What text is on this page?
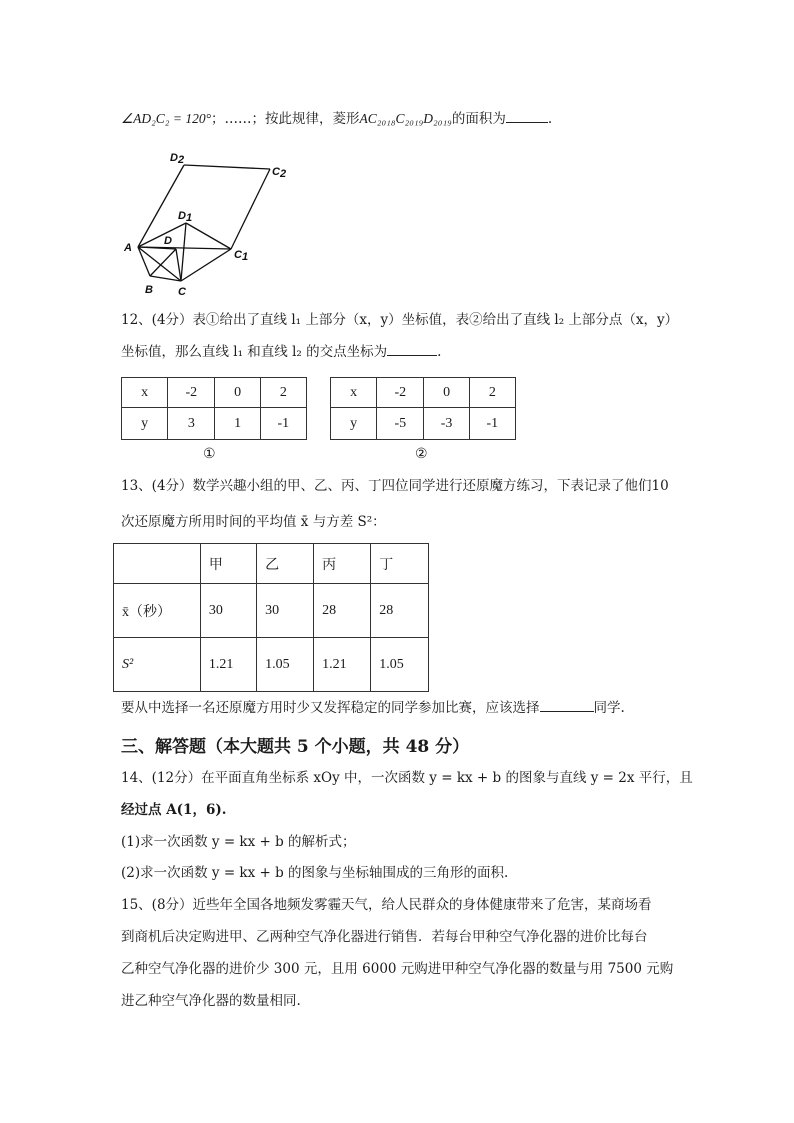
∠AD₂C₂ = 120°；……；按此规律，菱形AC₂₀₁₈C₂₀₁₉D₂₀₁₉的面积为	.
D2
C2
D1
D
A
C1
B C
12、(4分）表①给出了直线 l₁ 上部分（x，y）坐标值，表②给出了直线 l₂ 上部分点（x，y）
坐标值，那么直线 l₁ 和直线 l₂ 的交点坐标为	.
x	-2	0	2
y	3	1	-1
①
x	-2	0	2
y	-5	-3	-1
②
13、(4分）数学兴趣小组的甲、乙、丙、丁四位同学进行还原魔方练习，下表记录了他们10
次还原魔方所用时间的平均值 x̄ 与方差 S²：
	甲	乙	丙	丁
x̄（秒）	30	30	28	28
S²	1.21	1.05	1.21	1.05
要从中选择一名还原魔方用时少又发挥稳定的同学参加比赛，应该选择	同学.
三、解答题（本大题共 5 个小题，共 48 分）
14、(12分）在平面直角坐标系 xOy 中，一次函数 y = kx + b 的图象与直线 y = 2x 平行，且
经过点 A(1，6).
(1)求一次函数 y = kx + b 的解析式；
(2)求一次函数 y = kx + b 的图象与坐标轴围成的三角形的面积.
15、(8分）近些年全国各地频发雾霾天气，给人民群众的身体健康带来了危害，某商场看
到商机后决定购进甲、乙两种空气净化器进行销售．若每台甲种空气净化器的进价比每台
乙种空气净化器的进价少 300 元，且用 6000 元购进甲种空气净化器的数量与用 7500 元购
进乙种空气净化器的数量相同.
